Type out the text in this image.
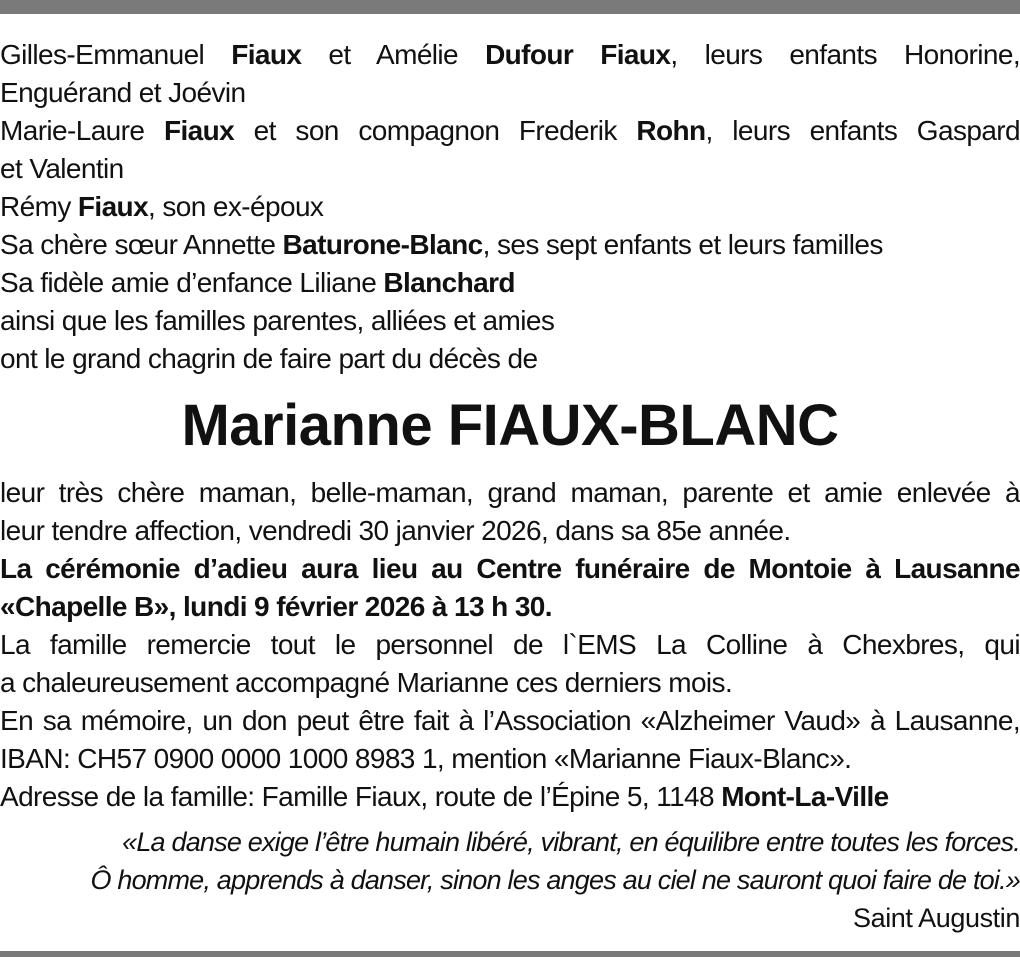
Gilles-Emmanuel Fiaux et Amélie Dufour Fiaux, leurs enfants Honorine,
Enguérand et Joévin
Marie-Laure Fiaux et son compagnon Frederik Rohn, leurs enfants Gaspard
et Valentin
Rémy Fiaux, son ex-époux
Sa chère sœur Annette Baturone-Blanc, ses sept enfants et leurs familles
Sa fidèle amie d’enfance Liliane Blanchard
ainsi que les familles parentes, alliées et amies
ont le grand chagrin de faire part du décès de
Marianne FIAUX-BLANC
leur très chère maman, belle-maman, grand maman, parente et amie enlevée à
leur tendre affection, vendredi 30 janvier 2026, dans sa 85e année.
La cérémonie d’adieu aura lieu au Centre funéraire de Montoie à Lausanne
«Chapelle B», lundi 9 février 2026 à 13 h 30.
La famille remercie tout le personnel de l`EMS La Colline à Chexbres, qui
a chaleureusement accompagné Marianne ces derniers mois.
En sa mémoire, un don peut être fait à l’Association «Alzheimer Vaud» à Lausanne,
IBAN: CH57 0900 0000 1000 8983 1, mention «Marianne Fiaux-Blanc».
Adresse de la famille: Famille Fiaux, route de l’Épine 5, 1148 Mont-La-Ville
«La danse exige l’être humain libéré, vibrant, en équilibre entre toutes les forces.
Ô homme, apprends à danser, sinon les anges au ciel ne sauront quoi faire de toi.»
Saint Augustin
